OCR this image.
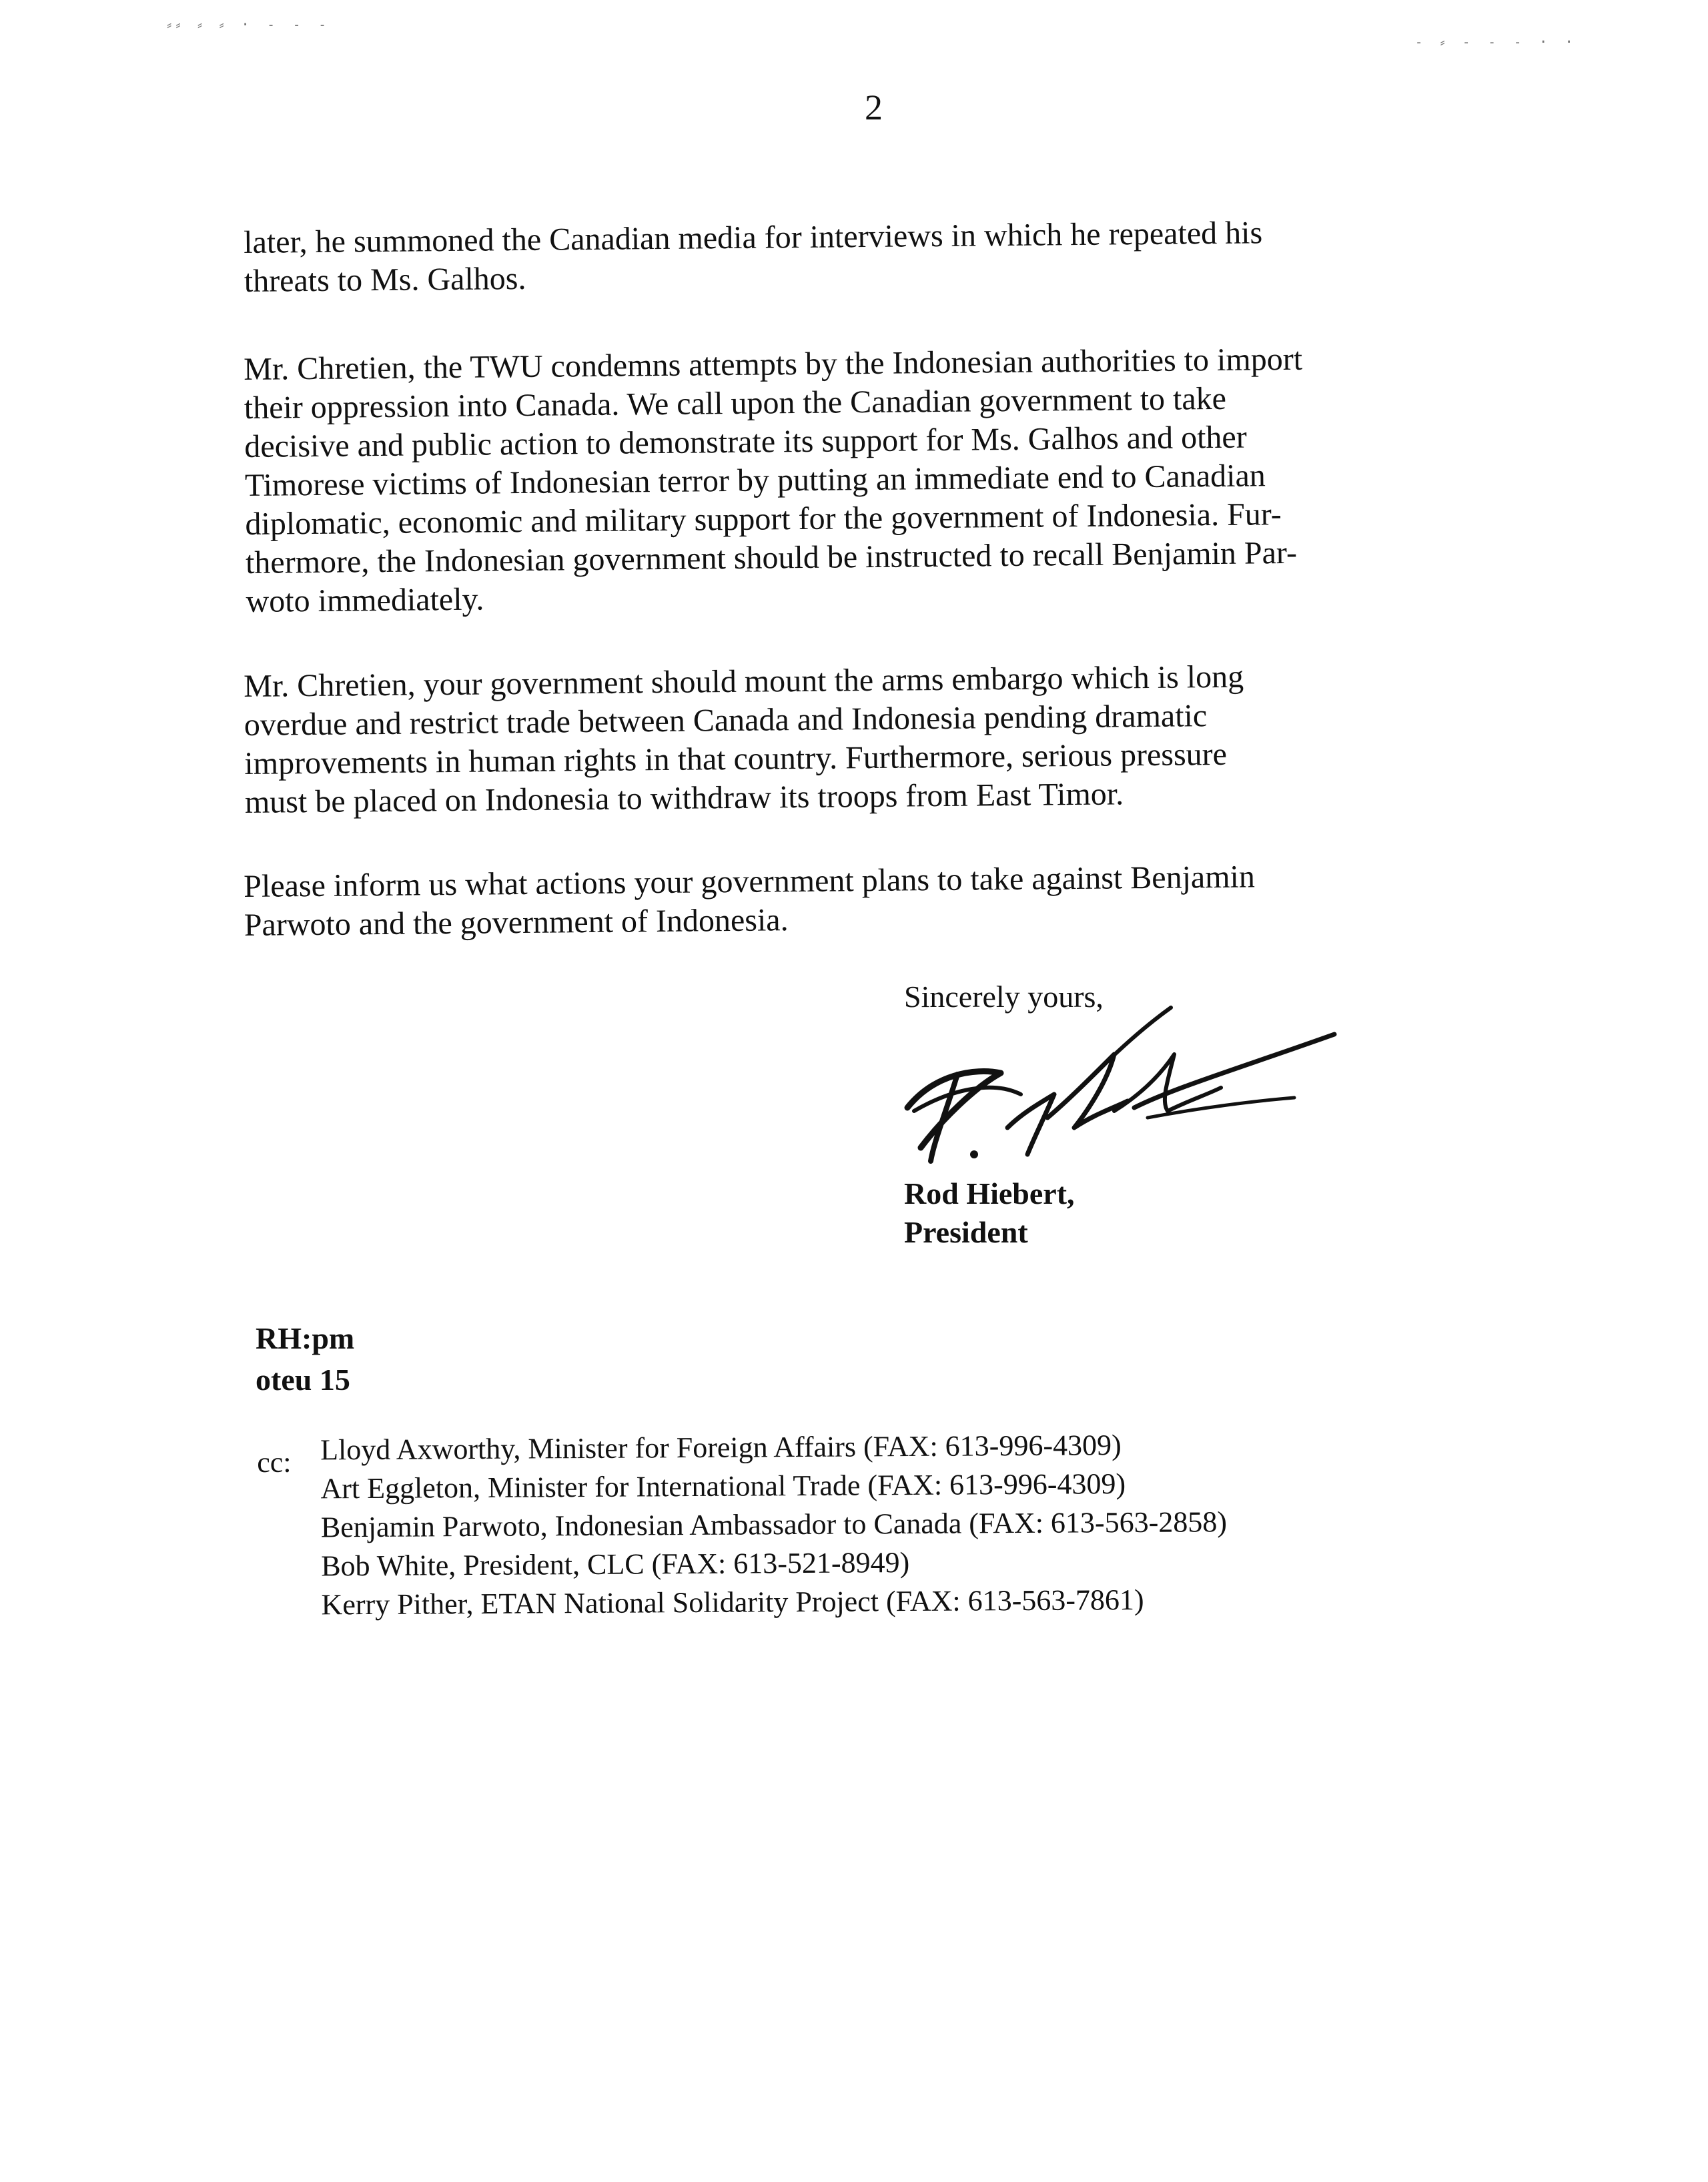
⸗⸗ ⸗ ⸗ · ˗ ˗ ˗
˗ ⸗ ˗ ˗ ˗ · ·
2
later, he summoned the Canadian media for interviews in which he repeated his
threats to Ms. Galhos.
Mr. Chretien, the TWU condemns attempts by the Indonesian authorities to import
their oppression into Canada. We call upon the Canadian government to take
decisive and public action to demonstrate its support for Ms. Galhos and other
Timorese victims of Indonesian terror by putting an immediate end to Canadian
diplomatic, economic and military support for the government of Indonesia. Fur-
thermore, the Indonesian government should be instructed to recall Benjamin Par-
woto immediately.
Mr. Chretien, your government should mount the arms embargo which is long
overdue and restrict trade between Canada and Indonesia pending dramatic
improvements in human rights in that country. Furthermore, serious pressure
must be placed on Indonesia to withdraw its troops from East Timor.
Please inform us what actions your government plans to take against Benjamin
Parwoto and the government of Indonesia.
Sincerely yours,
Rod Hiebert,
President
RH:pm
oteu 15
cc: Lloyd Axworthy, Minister for Foreign Affairs (FAX: 613-996-4309)
Art Eggleton, Minister for International Trade (FAX: 613-996-4309)
Benjamin Parwoto, Indonesian Ambassador to Canada (FAX: 613-563-2858)
Bob White, President, CLC (FAX: 613-521-8949)
Kerry Pither, ETAN National Solidarity Project (FAX: 613-563-7861)
